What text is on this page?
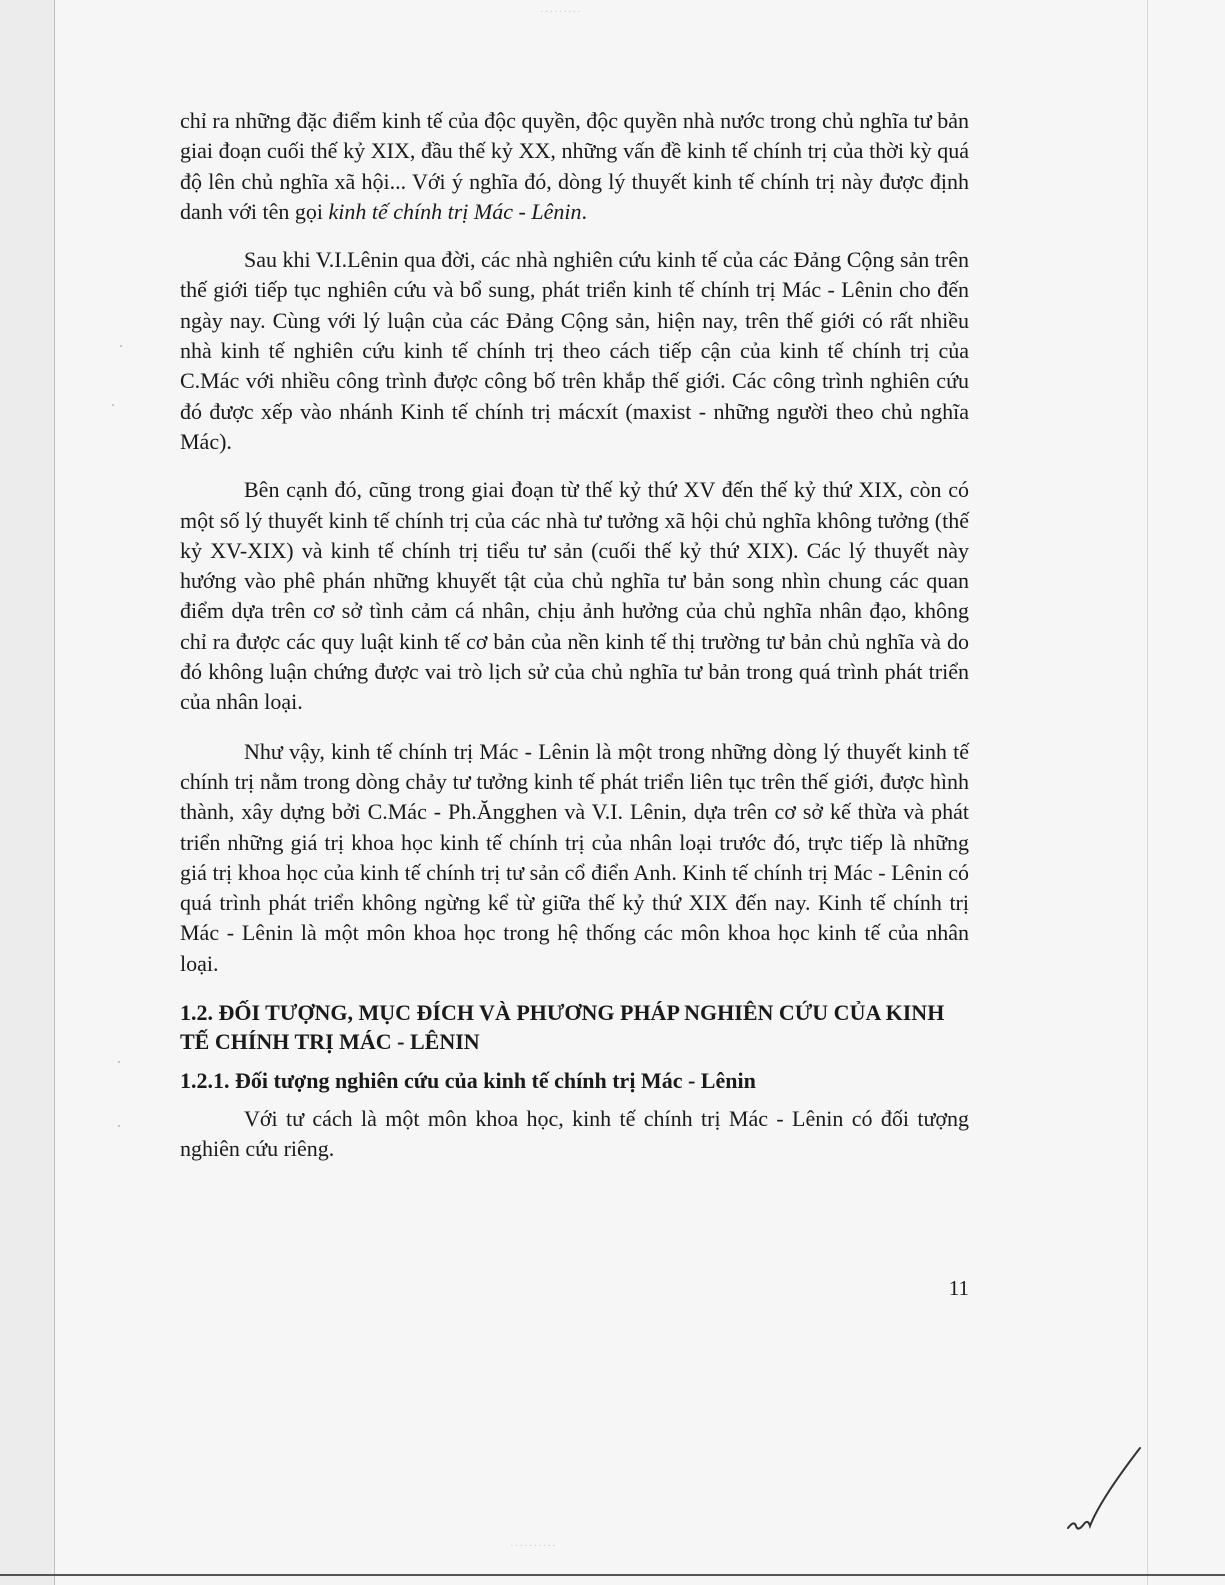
·········
··········
·
·
·
·

chỉ ra những đặc điểm kinh tế của độc quyền, độc quyền nhà nước trong chủ nghĩa tư bản giai đoạn cuối thế kỷ XIX, đầu thế kỷ XX, những vấn đề kinh tế chính trị của thời kỳ quá độ lên chủ nghĩa xã hội... Với ý nghĩa đó, dòng lý thuyết kinh tế chính trị này được định danh với tên gọi kinh tế chính trị Mác - Lênin.

Sau khi V.I.Lênin qua đời, các nhà nghiên cứu kinh tế của các Đảng Cộng sản trên thế giới tiếp tục nghiên cứu và bổ sung, phát triển kinh tế chính trị Mác - Lênin cho đến ngày nay. Cùng với lý luận của các Đảng Cộng sản, hiện nay, trên thế giới có rất nhiều nhà kinh tế nghiên cứu kinh tế chính trị theo cách tiếp cận của kinh tế chính trị của C.Mác với nhiều công trình được công bố trên khắp thế giới. Các công trình nghiên cứu đó được xếp vào nhánh Kinh tế chính trị mácxít (maxist - những người theo chủ nghĩa Mác).

Bên cạnh đó, cũng trong giai đoạn từ thế kỷ thứ XV đến thế kỷ thứ XIX, còn có một số lý thuyết kinh tế chính trị của các nhà tư tưởng xã hội chủ nghĩa không tưởng (thế kỷ XV-XIX) và kinh tế chính trị tiểu tư sản (cuối thế kỷ thứ XIX). Các lý thuyết này hướng vào phê phán những khuyết tật của chủ nghĩa tư bản song nhìn chung các quan điểm dựa trên cơ sở tình cảm cá nhân, chịu ảnh hưởng của chủ nghĩa nhân đạo, không chỉ ra được các quy luật kinh tế cơ bản của nền kinh tế thị trường tư bản chủ nghĩa và do đó không luận chứng được vai trò lịch sử của chủ nghĩa tư bản trong quá trình phát triển của nhân loại.

Như vậy, kinh tế chính trị Mác - Lênin là một trong những dòng lý thuyết kinh tế chính trị nằm trong dòng chảy tư tưởng kinh tế phát triển liên tục trên thế giới, được hình thành, xây dựng bởi C.Mác - Ph.Ăngghen và V.I. Lênin, dựa trên cơ sở kế thừa và phát triển những giá trị khoa học kinh tế chính trị của nhân loại trước đó, trực tiếp là những giá trị khoa học của kinh tế chính trị tư sản cổ điển Anh. Kinh tế chính trị Mác - Lênin có quá trình phát triển không ngừng kể từ giữa thế kỷ thứ XIX đến nay. Kinh tế chính trị Mác - Lênin là một môn khoa học trong hệ thống các môn khoa học kinh tế của nhân loại.

1.2. ĐỐI TƯỢNG, MỤC ĐÍCH VÀ PHƯƠNG PHÁP NGHIÊN CỨU CỦA KINH TẾ CHÍNH TRỊ MÁC - LÊNIN
1.2.1. Đối tượng nghiên cứu của kinh tế chính trị Mác - Lênin

Với tư cách là một môn khoa học, kinh tế chính trị Mác - Lênin có đối tượng nghiên cứu riêng.

11
